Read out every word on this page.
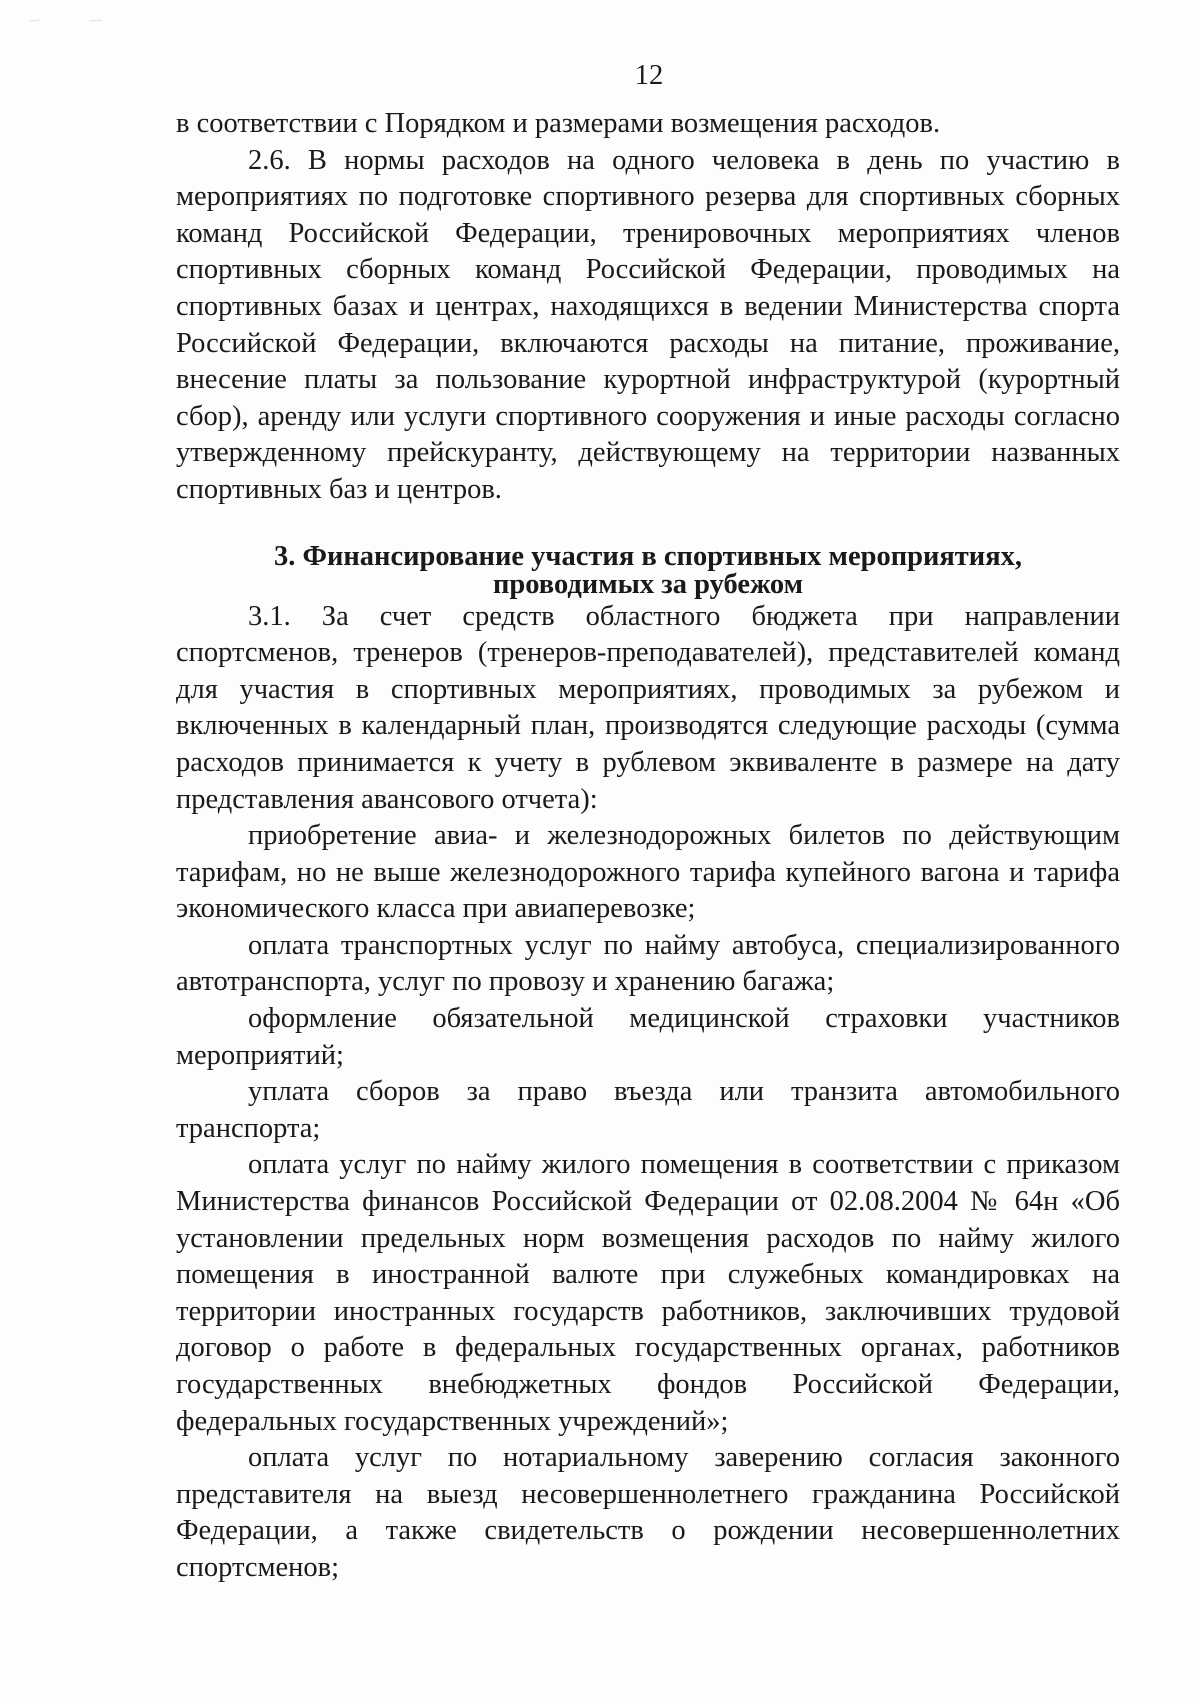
12

в соответствии с Порядком и размерами возмещения расходов.

2.6. В нормы расходов на одного человека в день по участию в мероприятиях по подготовке спортивного резерва для спортивных сборных команд Российской Федерации, тренировочных мероприятиях членов спортивных сборных команд Российской Федерации, проводимых на спортивных базах и центрах, находящихся в ведении Министерства спорта Российской Федерации, включаются расходы на питание, проживание, внесение платы за пользование курортной инфраструктурой (курортный сбор), аренду или услуги спортивного сооружения и иные расходы согласно утвержденному прейскуранту, действующему на территории названных спортивных баз и центров.

3. Финансирование участия в спортивных мероприятиях,
проводимых за рубежом

3.1. За счет средств областного бюджета при направлении спортсменов, тренеров (тренеров-преподавателей), представителей команд для участия в спортивных мероприятиях, проводимых за рубежом и включенных в календарный план, производятся следующие расходы (сумма расходов принимается к учету в рублевом эквиваленте в размере на дату представления авансового отчета):

приобретение авиа- и железнодорожных билетов по действующим тарифам, но не выше железнодорожного тарифа купейного вагона и тарифа экономического класса при авиаперевозке;

оплата транспортных услуг по найму автобуса, специализированного автотранспорта, услуг по провозу и хранению багажа;

оформление обязательной медицинской страховки участников мероприятий;

уплата сборов за право въезда или транзита автомобильного транспорта;

оплата услуг по найму жилого помещения в соответствии с приказом Министерства финансов Российской Федерации от 02.08.2004 № 64н «Об установлении предельных норм возмещения расходов по найму жилого помещения в иностранной валюте при служебных командировках на территории иностранных государств работников, заключивших трудовой договор о работе в федеральных государственных органах, работников государственных внебюджетных фондов Российской Федерации, федеральных государственных учреждений»;

оплата услуг по нотариальному заверению согласия законного представителя на выезд несовершеннолетнего гражданина Российской Федерации, а также свидетельств о рождении несовершеннолетних спортсменов;
